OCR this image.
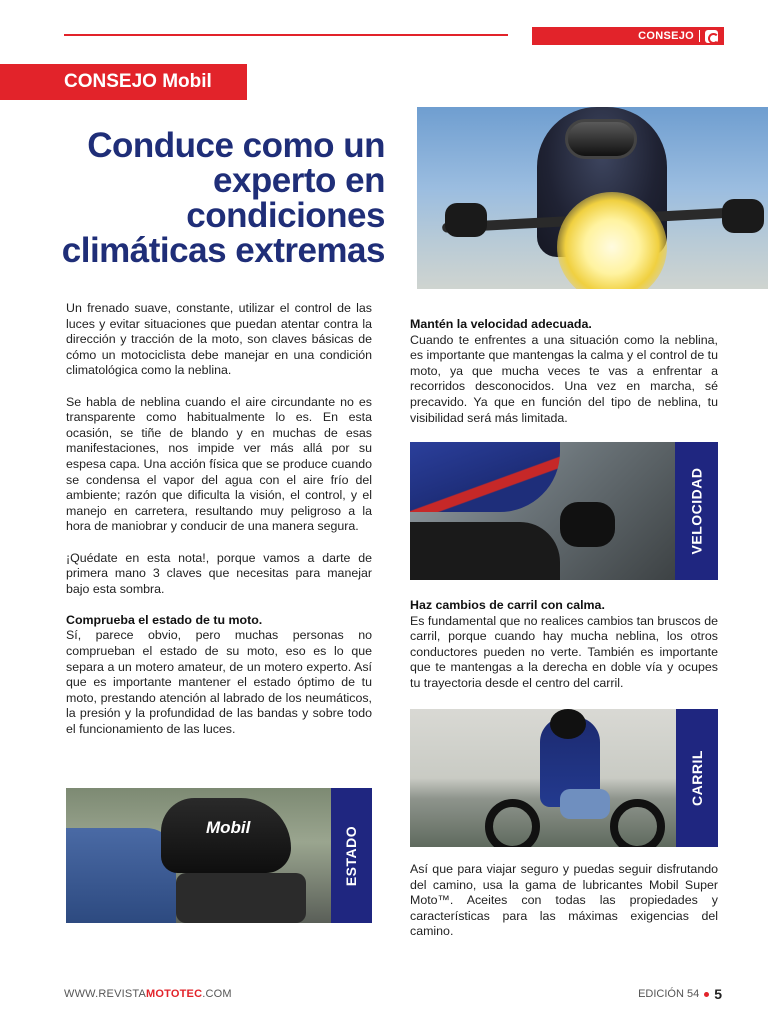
CONSEJO
CONSEJO Mobil
Conduce como un
experto en
condiciones
climáticas extremas

Un frenado suave, constante, utilizar el control de las luces y evitar situaciones que puedan atentar contra la dirección y tracción de la moto, son claves básicas de cómo un motociclista debe manejar en una condición climatológica como la neblina.

Se habla de neblina cuando el aire circundante no es transparente como habitualmente lo es. En esta ocasión, se tiñe de blando y en muchas de esas manifestaciones, nos impide ver más allá por su espesa capa. Una acción física que se produce cuando se condensa el vapor del agua con el aire frío del ambiente; razón que dificulta la visión, el control, y el manejo en carretera, resultando muy peligroso a la hora de maniobrar y conducir de una manera segura.

¡Quédate en esta nota!, porque vamos a darte de primera mano 3 claves que necesitas para manejar bajo esta sombra.

Comprueba el estado de tu moto.

Sí, parece obvio, pero muchas personas no comprueban el estado de su moto, eso es lo que separa a un motero amateur, de un motero experto. Así que es importante mantener el estado óptimo de tu moto, prestando atención al labrado de los neumáticos, la presión y la profundidad de las bandas y sobre todo el funcionamiento de las luces.

Mantén la velocidad adecuada.

Cuando te enfrentes a una situación como la neblina, es importante que mantengas la calma y el control de tu moto, ya que mucha veces te vas a enfrentar a recorridos desconocidos. Una vez en marcha, sé precavido. Ya que en función del tipo de neblina, tu visibilidad será más limitada.

VELOCIDAD
Haz cambios de carril con calma.

Es fundamental que no realices cambios tan bruscos de carril, porque cuando hay mucha neblina, los otros conductores pueden no verte. También es importante que te mantengas a la derecha en doble vía y ocupes tu trayectoria desde el centro del carril.

CARRIL

Así que para viajar seguro y puedas seguir disfrutando del camino, usa la gama de lubricantes Mobil Super Moto™. Aceites con todas las propiedades y características para las máximas exigencias del camino.

Mobil	ESTADO
WWW.REVISTAMOTOTEC.COM	EDICIÓN 54 5
